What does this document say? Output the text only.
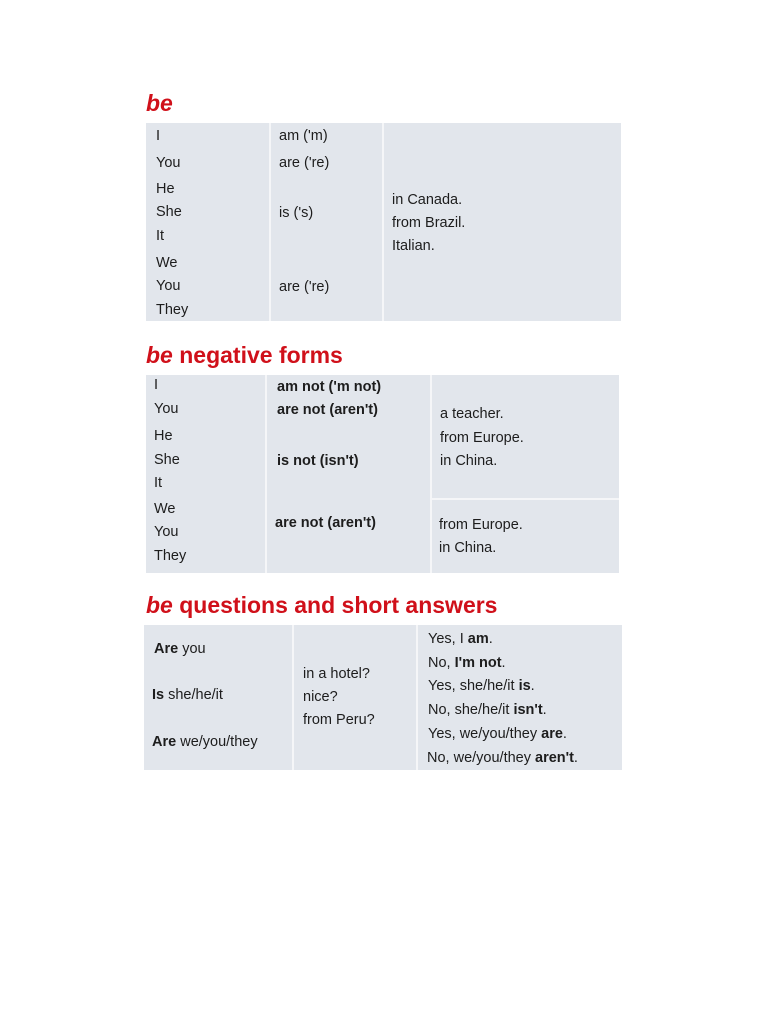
be
I
You
He
She
It
We
You
They
am ('m)
are ('re)
is ('s)
are ('re)
in Canada.
from Brazil.
Italian.
be negative forms
I
You
He
She
It
We
You
They
am not ('m not)
are not (aren't)
is not (isn't)
are not (aren't)
a teacher.
from Europe.
in China.
from Europe.
in China.
be questions and short answers
Are you
Is she/he/it
Are we/you/they
in a hotel?
nice?
from Peru?
Yes, I am.
No, I'm not.
Yes, she/he/it is.
No, she/he/it isn't.
Yes, we/you/they are.
No, we/you/they aren't.
